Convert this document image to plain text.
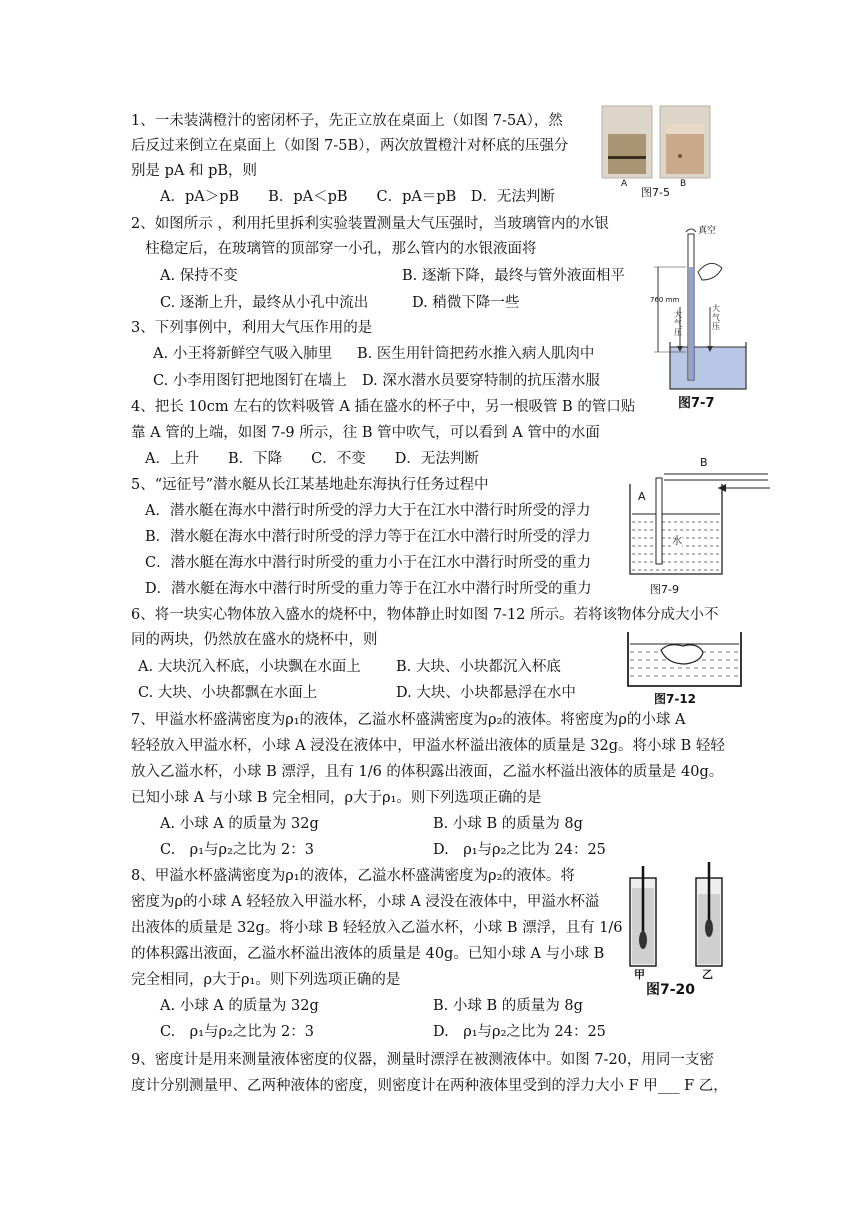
1、一未装满橙汁的密闭杯子，先正立放在桌面上（如图 7-5A），然
后反过来倒立在桌面上（如图 7-5B），两次放置橙汁对杯底的压强分
别是 pA 和 pB，则
A．pA＞pB　　B．pA＜pB　　C．pA＝pB　D．无法判断
A	B
图7-5
2、如图所示 ，利用托里拆利实验装置测量大气压强时，当玻璃管内的水银
柱稳定后，在玻璃管的顶部穿一小孔，那么管内的水银液面将
A. 保持不变	B. 逐渐下降，最终与管外液面相平
C. 逐渐上升，最终从小孔中流出	D. 稍微下降一些
真空
760 mm
大气压
大气压
图7-7
3、下列事例中，利用大气压作用的是
A. 小王将新鲜空气吸入肺里 B. 医生用针筒把药水推入病人肌肉中
C. 小李用图钉把地图钉在墙上 D. 深水潜水员要穿特制的抗压潜水服
4、把长 10cm 左右的饮料吸管 A 插在盛水的杯子中，另一根吸管 B 的管口贴
靠 A 管的上端，如图 7-9 所示，往 B 管中吹气，可以看到 A 管中的水面
A．上升　　B．下降　　C．不变　　D．无法判断
5、“远征号”潜水艇从长江某基地赴东海执行任务过程中
A．潜水艇在海水中潜行时所受的浮力大于在江水中潜行时所受的浮力
B．潜水艇在海水中潜行时所受的浮力等于在江水中潜行时所受的浮力
C．潜水艇在海水中潜行时所受的重力小于在江水中潜行时所受的重力
D．潜水艇在海水中潜行时所受的重力等于在江水中潜行时所受的重力
B
A
水
图7-9
6、将一块实心物体放入盛水的烧杯中，物体静止时如图 7-12 所示。若将该物体分成大小不
同的两块，仍然放在盛水的烧杯中，则
A. 大块沉入杯底，小块飘在水面上 B. 大块、小块都沉入杯底
C. 大块、小块都飘在水面上	D. 大块、小块都悬浮在水中	图7-12
7、甲溢水杯盛满密度为ρ₁的液体，乙溢水杯盛满密度为ρ₂的液体。将密度为ρ的小球 A
轻轻放入甲溢水杯，小球 A 浸没在液体中，甲溢水杯溢出液体的质量是 32g。将小球 B 轻轻
放入乙溢水杯，小球 B 漂浮，且有 1/6 的体积露出液面，乙溢水杯溢出液体的质量是 40g。
已知小球 A 与小球 B 完全相同，ρ大于ρ₁。则下列选项正确的是
A. 小球 A 的质量为 32g	B. 小球 B 的质量为 8g
C.　ρ₁与ρ₂之比为 2：3	D.　ρ₁与ρ₂之比为 24：25
8、甲溢水杯盛满密度为ρ₁的液体，乙溢水杯盛满密度为ρ₂的液体。将
密度为ρ的小球 A 轻轻放入甲溢水杯，小球 A 浸没在液体中，甲溢水杯溢
出液体的质量是 32g。将小球 B 轻轻放入乙溢水杯，小球 B 漂浮，且有 1/6
的体积露出液面，乙溢水杯溢出液体的质量是 40g。已知小球 A 与小球 B
完全相同，ρ大于ρ₁。则下列选项正确的是
A. 小球 A 的质量为 32g	B. 小球 B 的质量为 8g
C.　ρ₁与ρ₂之比为 2：3	D.　ρ₁与ρ₂之比为 24：25
甲	乙
图7-20
9、密度计是用来测量液体密度的仪器，测量时漂浮在被测液体中。如图 7-20，用同一支密
度计分别测量甲、乙两种液体的密度，则密度计在两种液体里受到的浮力大小 F 甲___ F 乙，
